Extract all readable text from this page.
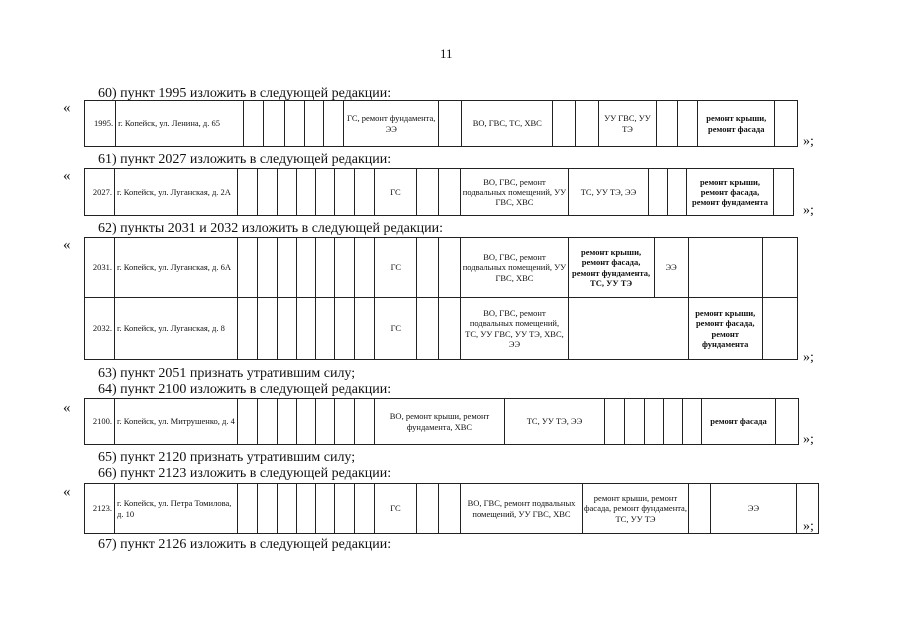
11
60) пункт 1995 изложить в следующей редакции:
«
1995.	г. Копейск, ул. Ленина, д. 65						ГС, ремонт фундамента, ЭЭ		ВО, ГВС, ТС, ХВС			УУ ГВС, УУ ТЭ			ремонт крыши, ремонт фасада	
»;
61) пункт 2027 изложить в следующей редакции:
«
2027.	г. Копейск, ул. Луганская, д. 2А								ГС			ВО, ГВС, ремонт подвальных помещений, УУ ГВС, ХВС	ТС, УУ ТЭ, ЭЭ			ремонт крыши, ремонт фасада, ремонт фундамента	
»;
62) пункты 2031 и 2032 изложить в следующей редакции:
«
2031.	г. Копейск, ул. Луганская, д. 6А								ГС			ВО, ГВС, ремонт подвальных помещений, УУ ГВС, ХВС	ремонт крыши, ремонт фасада, ремонт фундамента, ТС, УУ ТЭ	ЭЭ		
2032.	г. Копейск, ул. Луганская, д. 8								ГС			ВО, ГВС, ремонт подвальных помещений, ТС, УУ ГВС, УУ ТЭ, ХВС, ЭЭ			ремонт крыши, ремонт фасада, ремонт фундамента	
»;
63) пункт 2051 признать утратившим силу;
64) пункт 2100 изложить в следующей редакции:
«
2100.	г. Копейск, ул. Митрушенко, д. 4								ВО, ремонт крыши, ремонт фундамента, ХВС	ТС, УУ ТЭ, ЭЭ						ремонт фасада	
»;
65) пункт 2120 признать утратившим силу;
66) пункт 2123 изложить в следующей редакции:
«
2123.	г. Копейск, ул. Петра Томилова, д. 10								ГС			ВО, ГВС, ремонт подвальных помещений, УУ ГВС, ХВС	ремонт крыши, ремонт фасада, ремонт фундамента, ТС, УУ ТЭ		ЭЭ	
»;
67) пункт 2126 изложить в следующей редакции:
